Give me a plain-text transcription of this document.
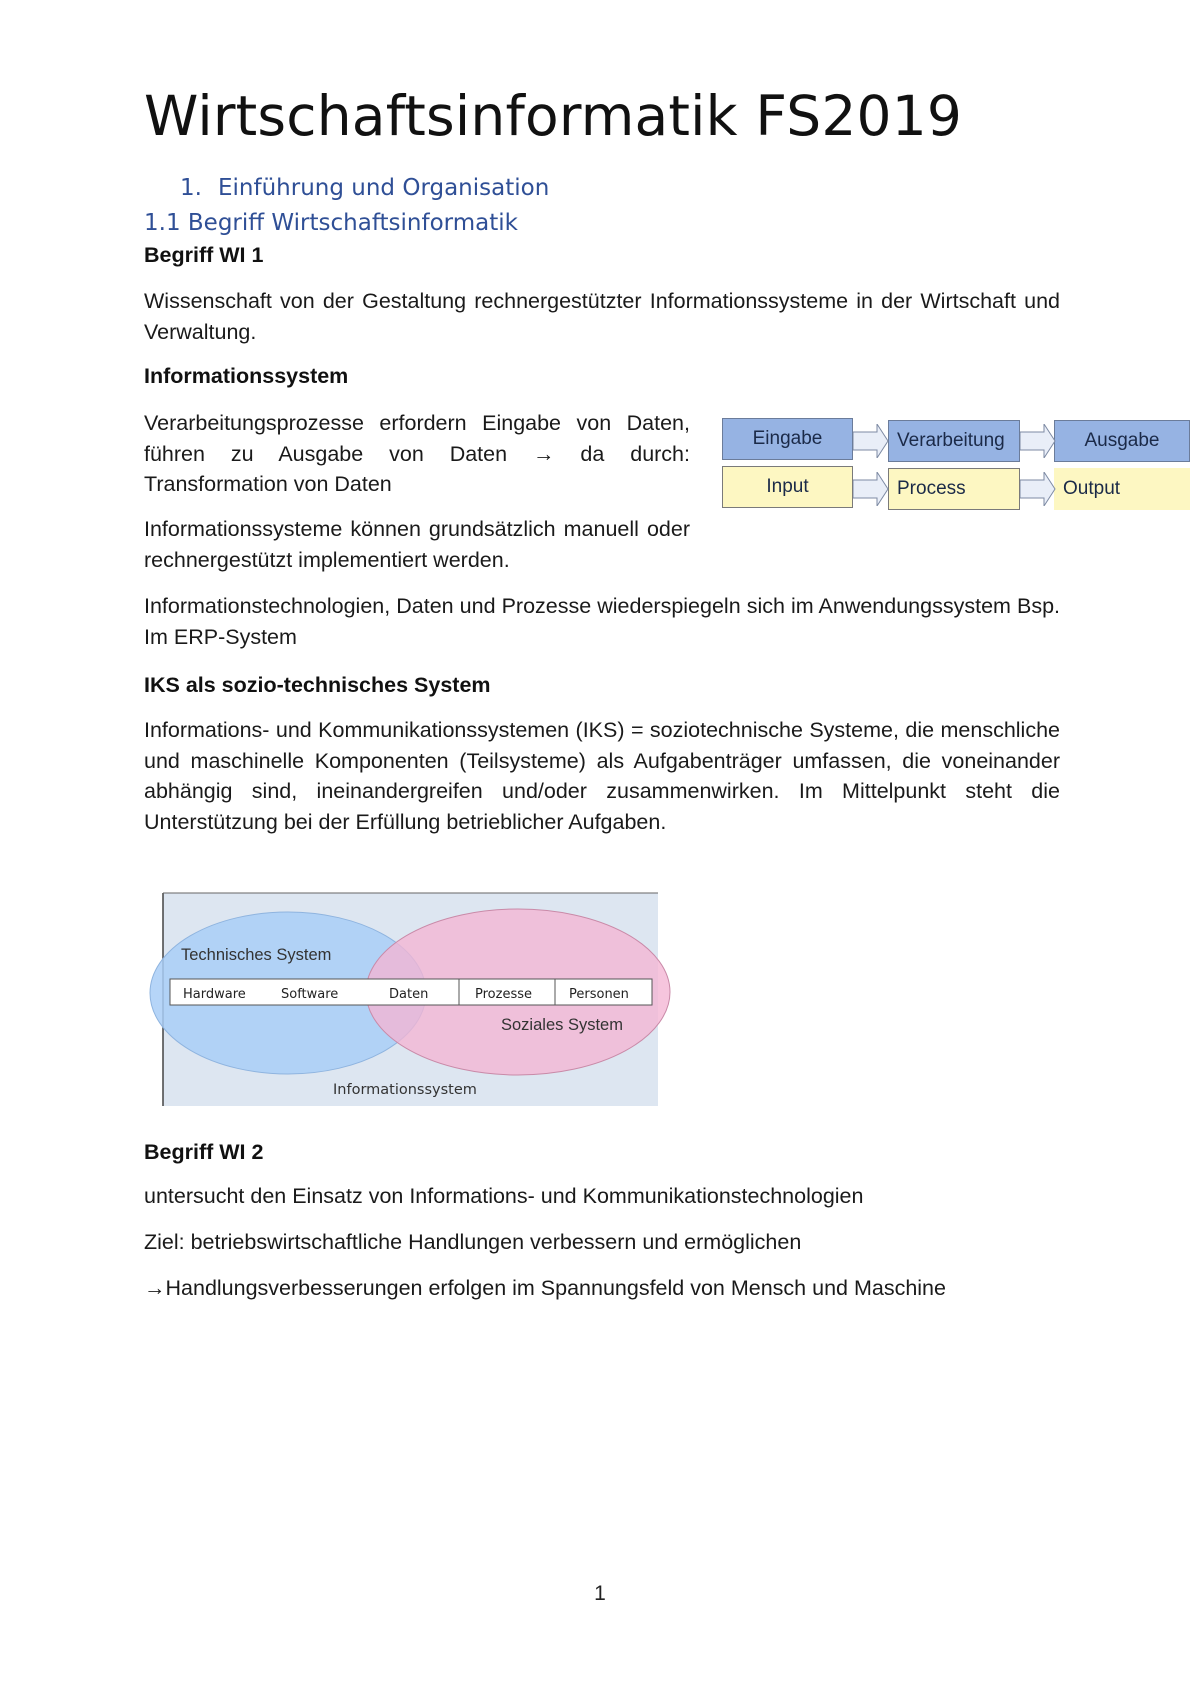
Wirtschaftsinformatik FS2019
1. Einführung und Organisation
1.1 Begriff Wirtschaftsinformatik

Begriff WI 1

Wissenschaft von der Gestaltung rechnergestützter Informationssysteme in der Wirtschaft und Verwaltung.

Informationssystem

Verarbeitungsprozesse erfordern Eingabe von Daten, führen zu Ausgabe von Daten → da durch: Transformation von Daten

Informationssysteme können grundsätzlich manuell oder rechnergestützt implementiert werden.

Informationstechnologien, Daten und Prozesse wiederspiegeln sich im Anwendungssystem Bsp. Im ERP-System

Eingabe	Verarbeitung	Ausgabe
Input	Process	Output

IKS als sozio-technisches System

Informations- und Kommunikationssystemen (IKS) = soziotechnische Systeme, die menschliche und maschinelle Komponenten (Teilsysteme) als Aufgabenträger umfassen, die voneinander abhängig sind, ineinandergreifen und/oder zusammenwirken. Im Mittelpunkt steht die Unterstützung bei der Erfüllung betrieblicher Aufgaben.

Technisches System
Hardware	Software	Daten	Prozesse	Personen
Soziales System
Informationssystem

Begriff WI 2

untersucht den Einsatz von Informations- und Kommunikationstechnologien

Ziel: betriebswirtschaftliche Handlungen verbessern und ermöglichen

→Handlungsverbesserungen erfolgen im Spannungsfeld von Mensch und Maschine

1
